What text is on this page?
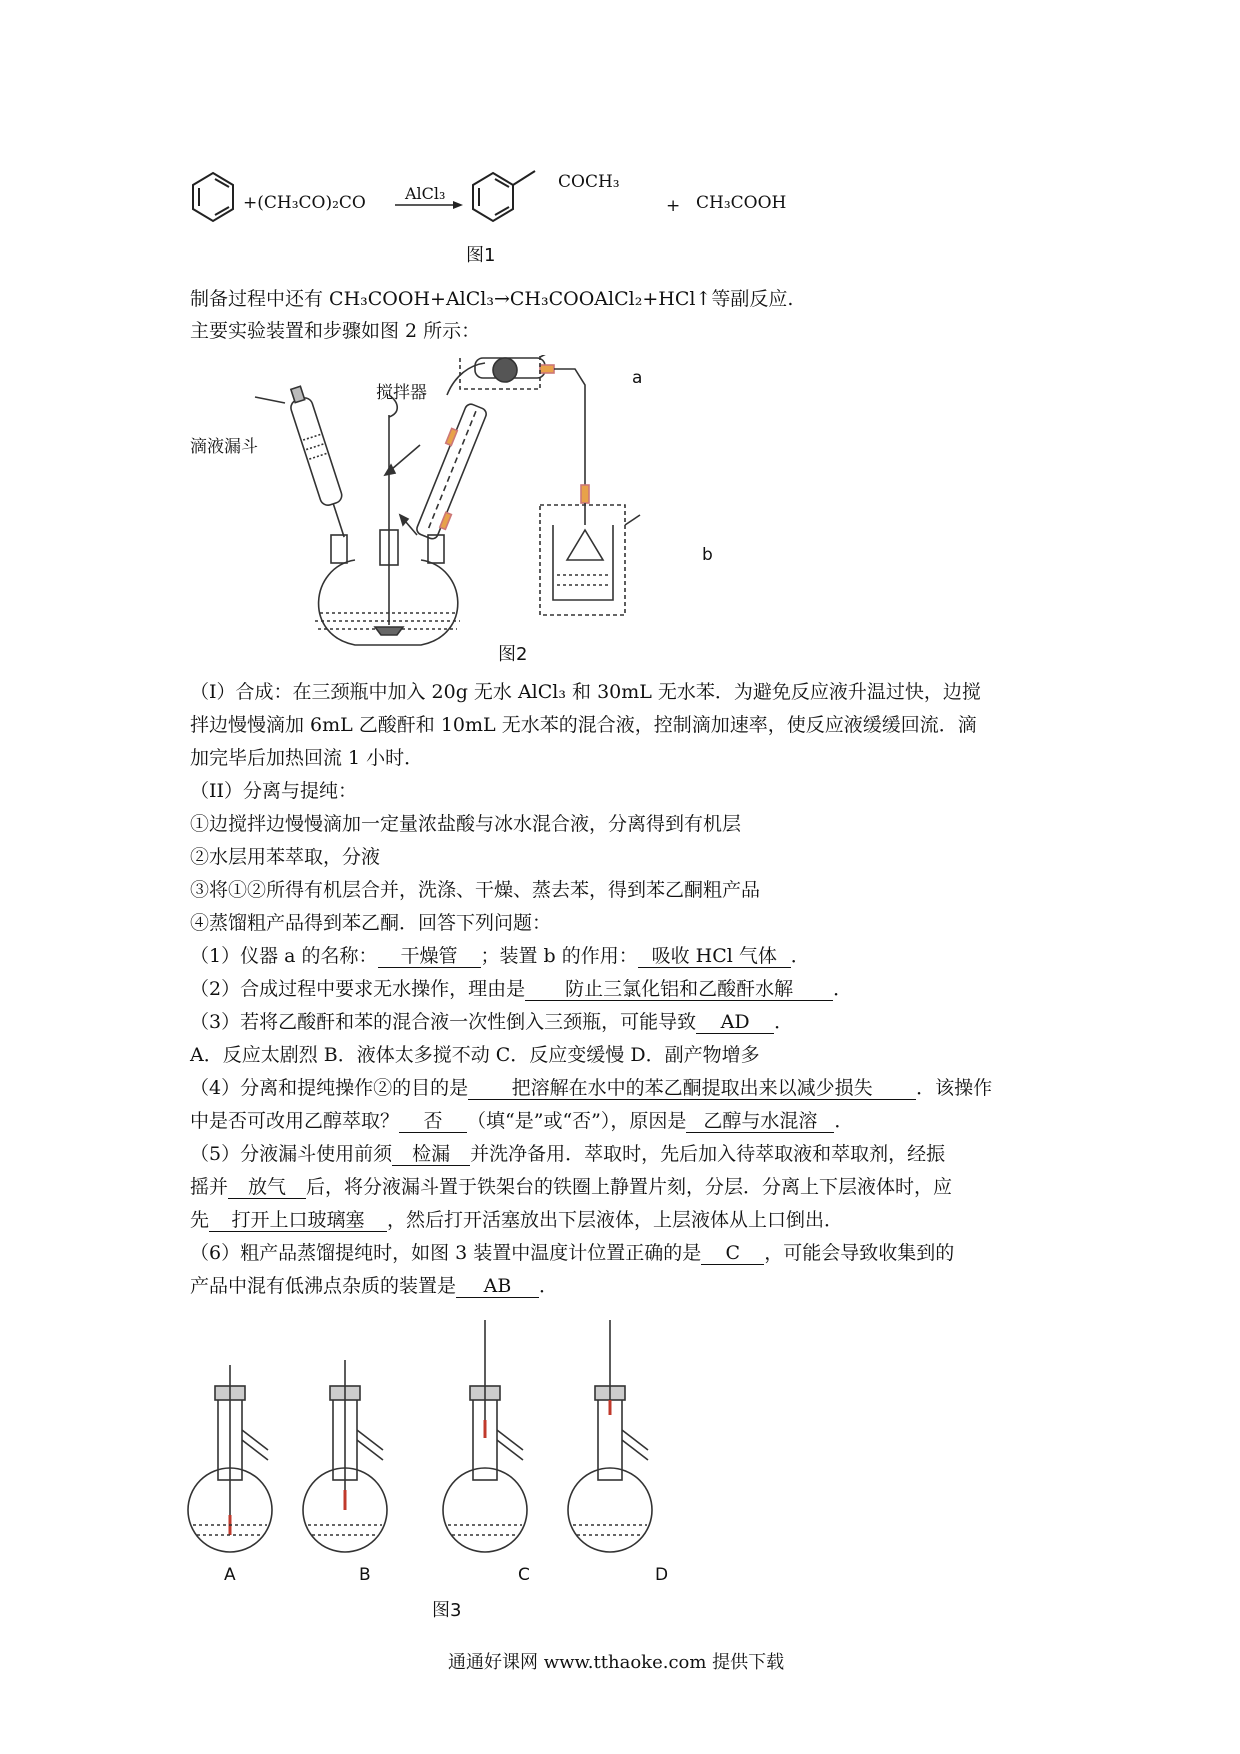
+(CH₃CO)₂CO AlCl₃
COCH₃
+ CH₃COOH
图1
制备过程中还有 CH₃COOH+AlCl₃→CH₃COOAlCl₂+HCl↑等副反应.
主要实验装置和步骤如图 2 所示：
滴液漏斗
搅拌器
a
b
图2
（I）合成：在三颈瓶中加入 20g 无水 AlCl₃ 和 30mL 无水苯．为避免反应液升温过快，边搅
拌边慢慢滴加 6mL 乙酸酐和 10mL 无水苯的混合液，控制滴加速率，使反应液缓缓回流．滴
加完毕后加热回流 1 小时．
（II）分离与提纯：
①边搅拌边慢慢滴加一定量浓盐酸与冰水混合液，分离得到有机层
②水层用苯萃取，分液
③将①②所得有机层合并，洗涤、干燥、蒸去苯，得到苯乙酮粗产品
④蒸馏粗产品得到苯乙酮．回答下列问题：
（1）仪器 a 的名称： 干燥管 ；装置 b 的作用： 吸收 HCl 气体 ．
（2）合成过程中要求无水操作，理由是 防止三氯化铝和乙酸酐水解 ．
（3）若将乙酸酐和苯的混合液一次性倒入三颈瓶，可能导致 AD ．
A．反应太剧烈 B．液体太多搅不动 C．反应变缓慢 D．副产物增多
（4）分离和提纯操作②的目的是 把溶解在水中的苯乙酮提取出来以减少损失 ．该操作
中是否可改用乙醇萃取？ 否 （填“是”或“否”），原因是 乙醇与水混溶 ．
（5）分液漏斗使用前须 检漏 并洗净备用．萃取时，先后加入待萃取液和萃取剂，经振
摇并 放气 后，将分液漏斗置于铁架台的铁圈上静置片刻，分层．分离上下层液体时，应
先 打开上口玻璃塞 ，然后打开活塞放出下层液体，上层液体从上口倒出．
（6）粗产品蒸馏提纯时，如图 3 装置中温度计位置正确的是 C ，可能会导致收集到的
产品中混有低沸点杂质的装置是 AB ．
A	B	C	D
图3
通通好课网 www.tthaoke.com 提供下载
